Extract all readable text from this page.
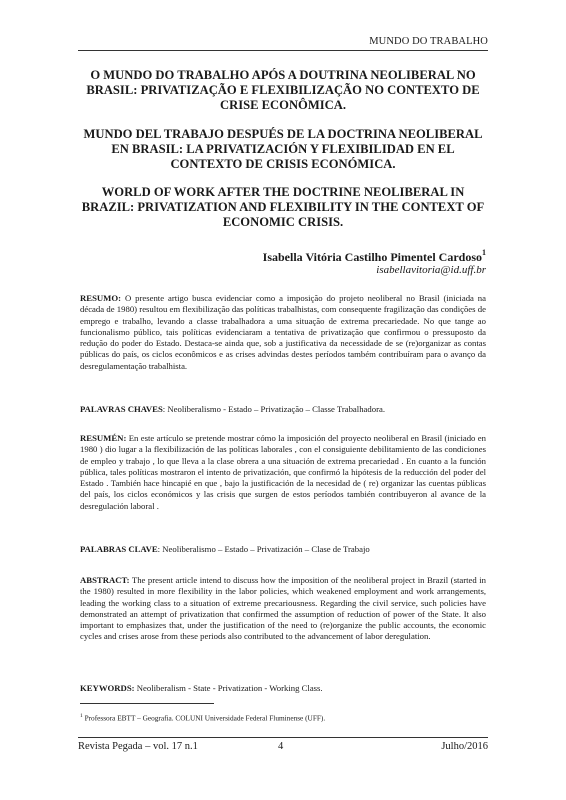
MUNDO DO TRABALHO
O MUNDO DO TRABALHO APÓS A DOUTRINA NEOLIBERAL NO BRASIL: PRIVATIZAÇÃO E FLEXIBILIZAÇÃO NO CONTEXTO DE CRISE ECONÔMICA.
MUNDO DEL TRABAJO DESPUÉS DE LA DOCTRINA NEOLIBERAL EN BRASIL: LA PRIVATIZACIÓN Y FLEXIBILIDAD EN EL CONTEXTO DE CRISIS ECONÓMICA.
WORLD OF WORK AFTER THE DOCTRINE NEOLIBERAL IN BRAZIL: PRIVATIZATION AND FLEXIBILITY IN THE CONTEXT OF ECONOMIC CRISIS.
Isabella Vitória Castilho Pimentel Cardoso$^1$
isabellavitoria@id.uff.br

RESUMO: O presente artigo busca evidenciar como a imposição do projeto neoliberal no Brasil (iniciada na década de 1980) resultou em flexibilização das políticas trabalhistas, com consequente fragilização das condições de emprego e trabalho, levando a classe trabalhadora a uma situação de extrema precariedade. No que tange ao funcionalismo público, tais políticas evidenciaram a tentativa de privatização que confirmou o pressuposto da redução do poder do Estado. Destaca-se ainda que, sob a justificativa da necessidade de se (re)organizar as contas públicas do país, os ciclos econômicos e as crises advindas destes períodos também contribuíram para o avanço da desregulamentação trabalhista.

PALAVRAS CHAVES: Neoliberalismo - Estado – Privatização – Classe Trabalhadora.

RESUMÉN: En este artículo se pretende mostrar cómo la imposición del proyecto neoliberal en Brasil (iniciado en 1980 ) dio lugar a la flexibilización de las políticas laborales , con el consiguiente debilitamiento de las condiciones de empleo y trabajo , lo que lleva a la clase obrera a una situación de extrema precariedad . En cuanto a la función pública, tales políticas mostraron el intento de privatización, que confirmó la hipótesis de la reducción del poder del Estado . También hace hincapié en que , bajo la justificación de la necesidad de ( re) organizar las cuentas públicas del país, los ciclos económicos y las crisis que surgen de estos períodos también contribuyeron al avance de la desregulación laboral .

PALABRAS CLAVE: Neoliberalismo – Estado – Privatización – Clase de Trabajo

ABSTRACT: The present article intend to discuss how the imposition of the neoliberal project in Brazil (started in the 1980) resulted in more flexibility in the labor policies, which weakened employment and work arrangements, leading the working class to a situation of extreme precariousness. Regarding the civil service, such policies have demonstrated an attempt of privatization that confirmed the assumption of reduction of power of the State. It also important to emphasizes that, under the justification of the need to (re)organize the public accounts, the economic cycles and crises arose from these periods also contributed to the advancement of labor deregulation.

KEYWORDS: Neoliberalism - State - Privatization - Working Class.

$^1$ Professora EBTT – Geografia. COLUNI Universidade Federal Fluminense (UFF).
Revista Pegada – vol. 17 n.1	4	Julho/2016
